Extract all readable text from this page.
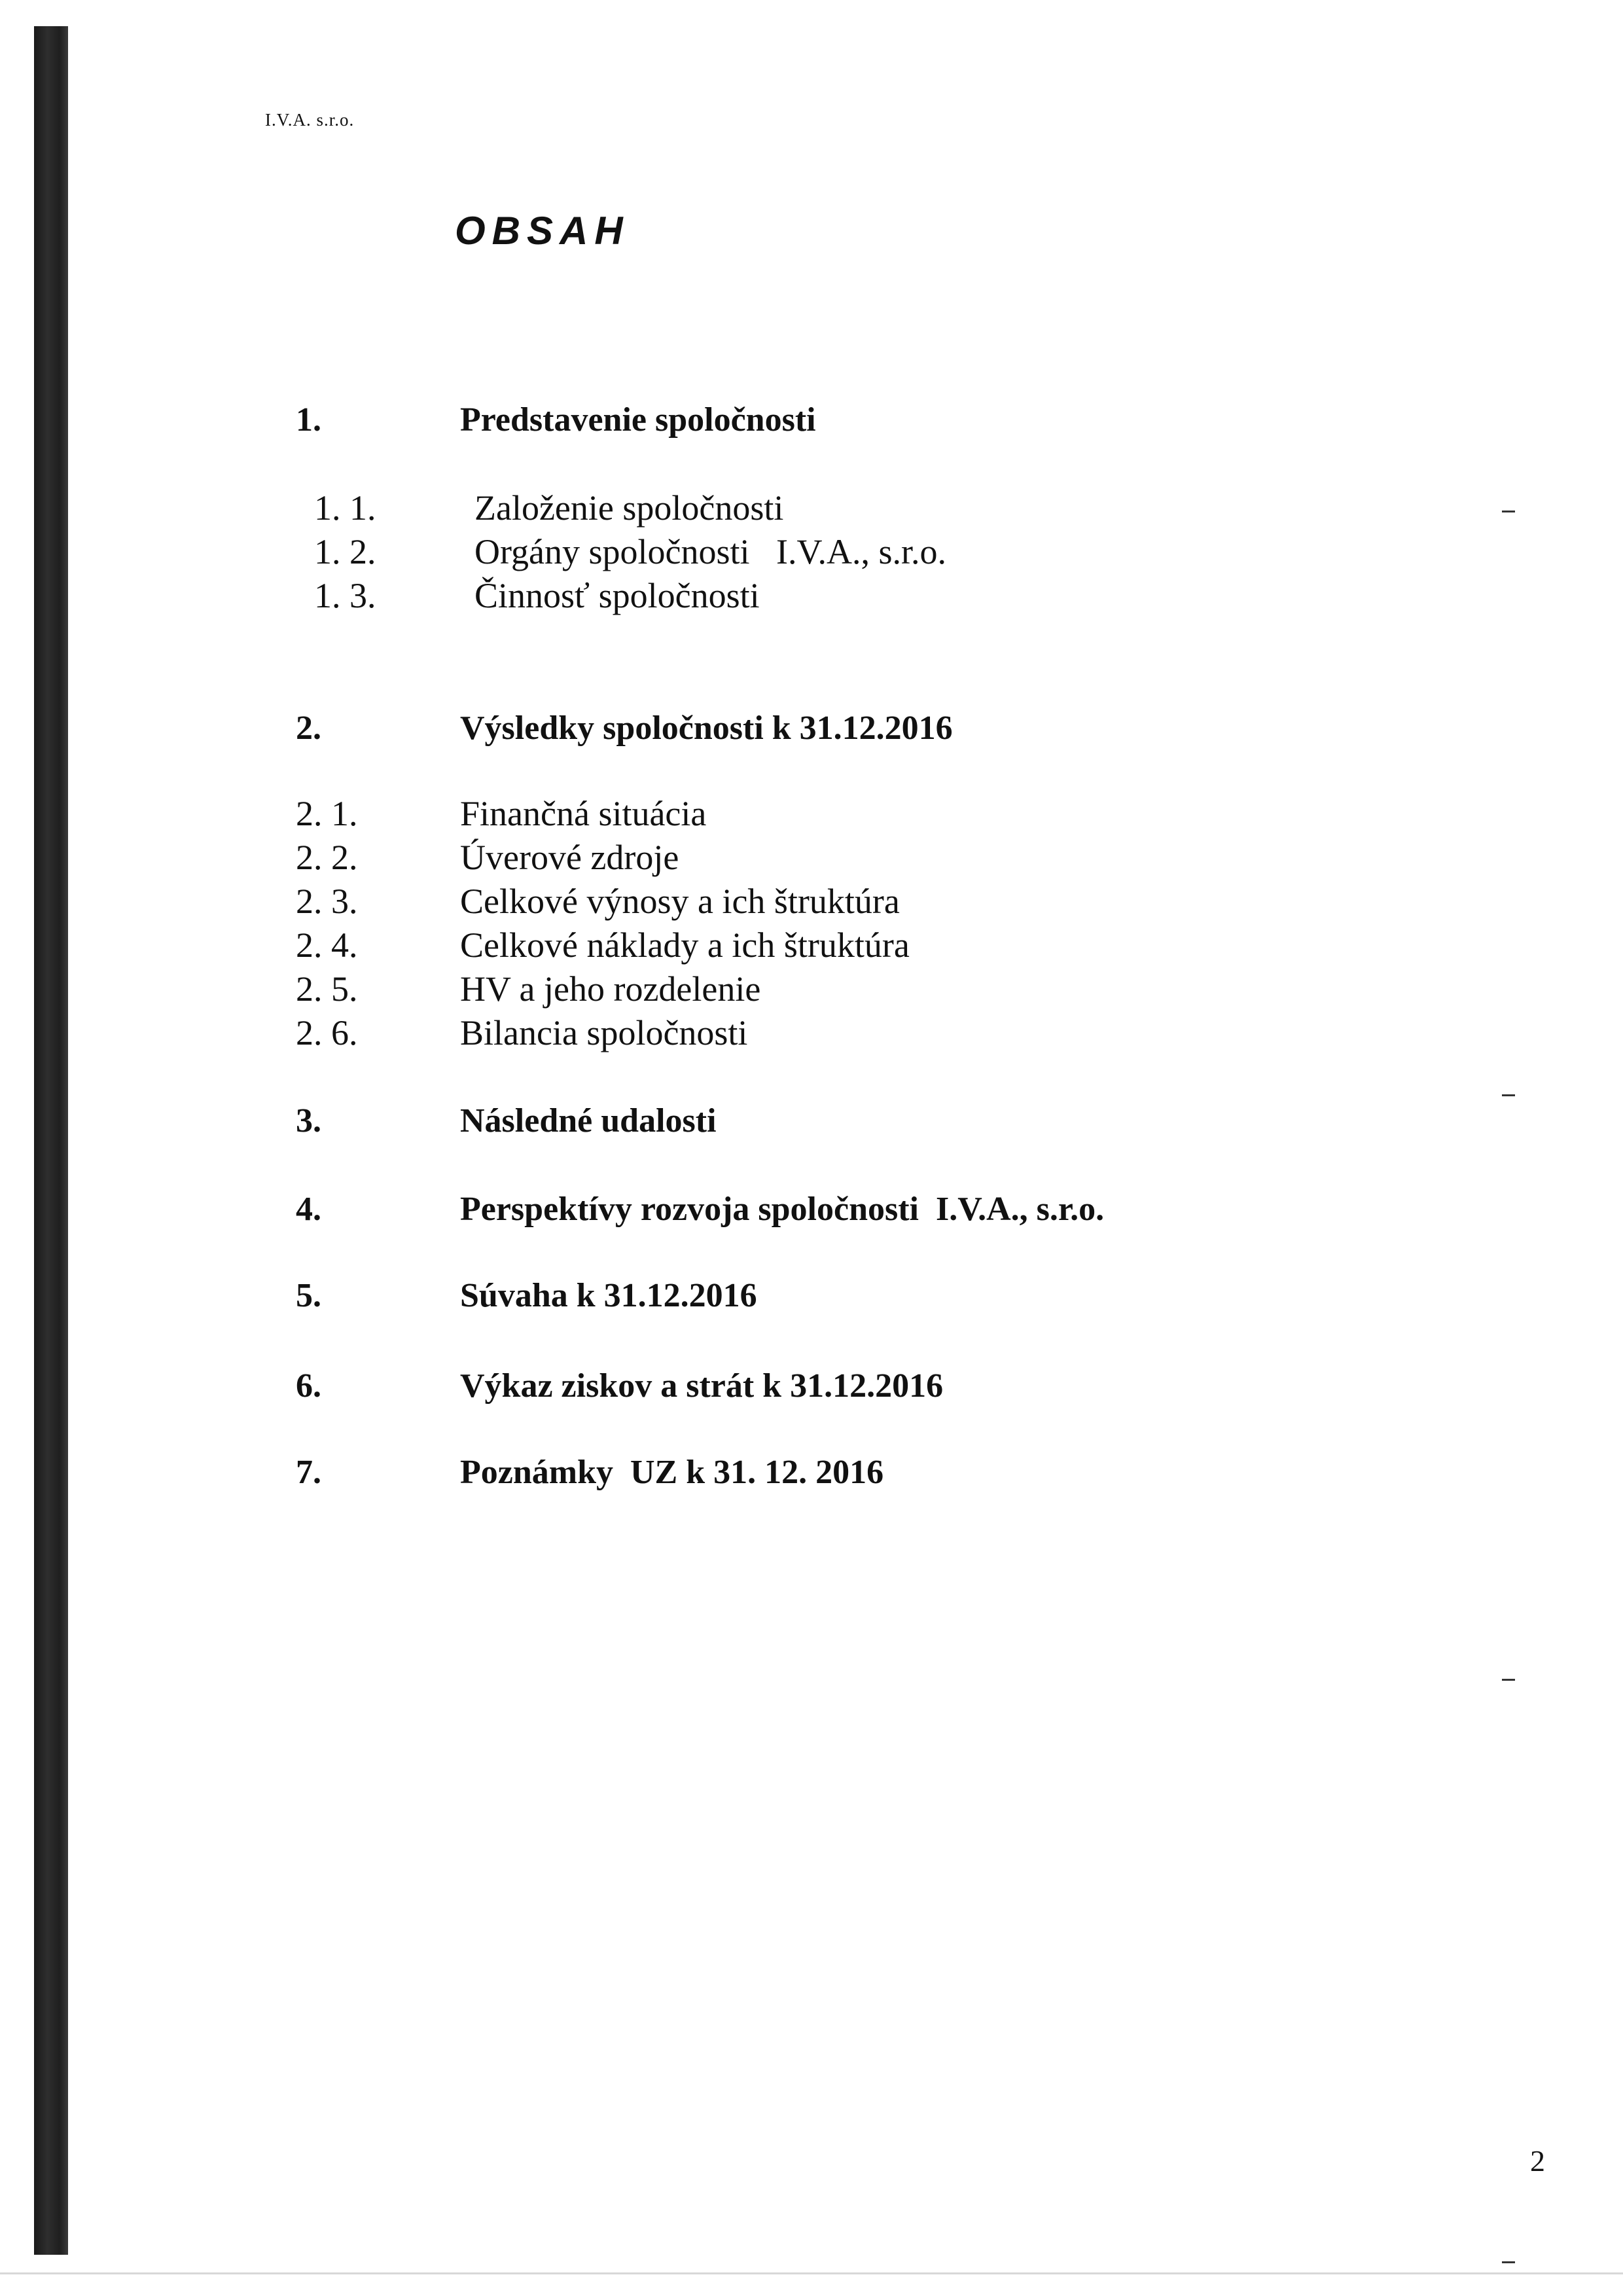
I.V.A. s.r.o.
OBSAH
1.	Predstavenie spoločnosti
1. 1.	Založenie spoločnosti
1. 2.	Orgány spoločnosti   I.V.A., s.r.o.
1. 3.	Činnosť spoločnosti
2.	Výsledky spoločnosti k 31.12.2016
2. 1.	Finančná situácia
2. 2.	Úverové zdroje
2. 3.	Celkové výnosy a ich štruktúra
2. 4.	Celkové náklady a ich štruktúra
2. 5.	HV a jeho rozdelenie
2. 6.	Bilancia spoločnosti
3.	Následné udalosti
4.	Perspektívy rozvoja spoločnosti  I.V.A., s.r.o.
5.	Súvaha k 31.12.2016
6.	Výkaz ziskov a strát k 31.12.2016
7.	Poznámky  UZ k 31. 12. 2016
2
